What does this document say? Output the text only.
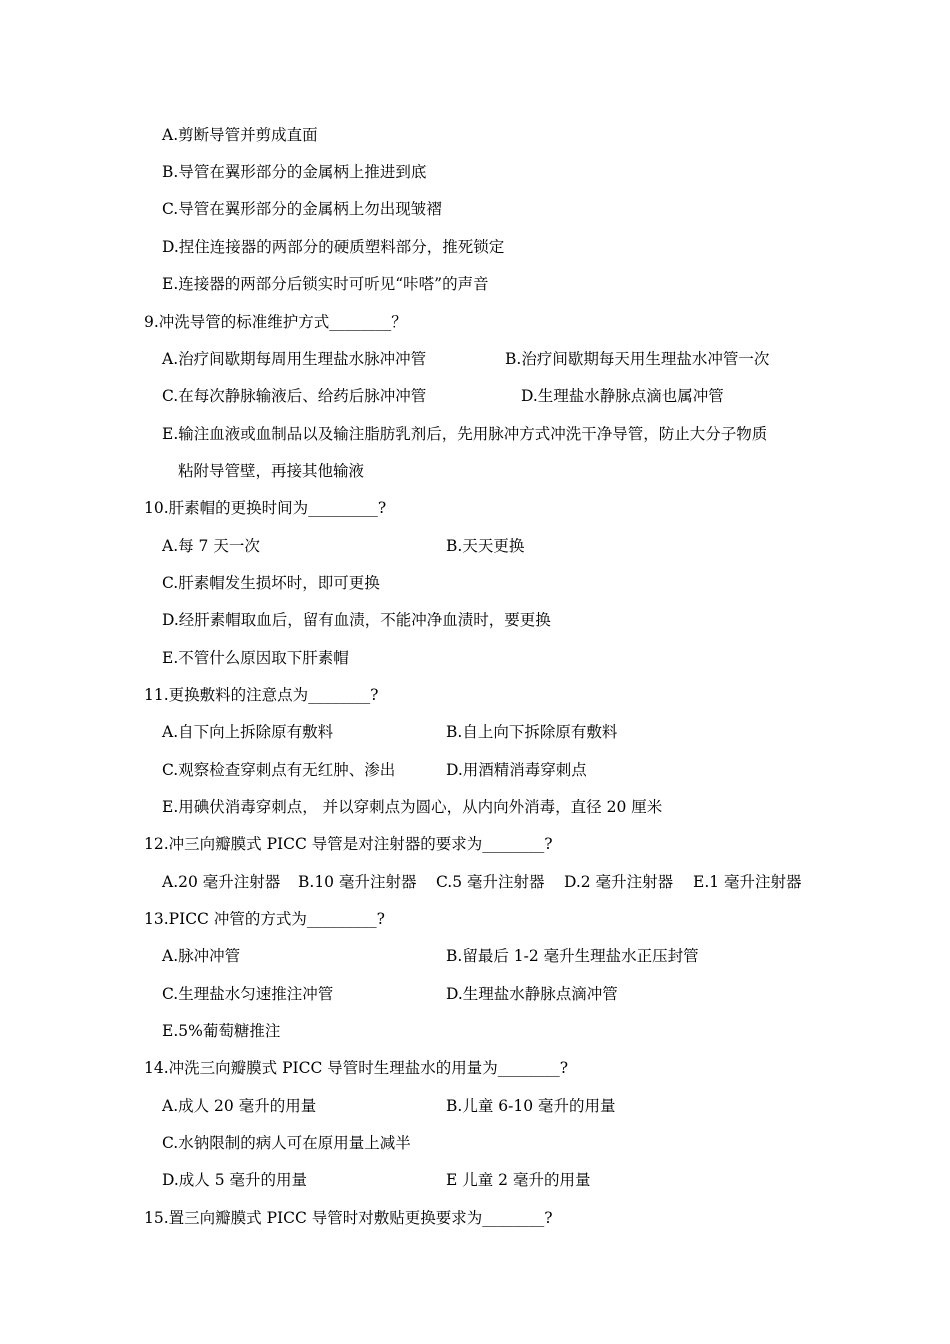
A.剪断导管并剪成直面
B.导管在翼形部分的金属柄上推进到底
C.导管在翼形部分的金属柄上勿出现皱褶
D.捏住连接器的两部分的硬质塑料部分，推死锁定
E.连接器的两部分后锁实时可听见“咔嗒”的声音
9.冲洗导管的标准维护方式________？
A.治疗间歇期每周用生理盐水脉冲冲管	B.治疗间歇期每天用生理盐水冲管一次
C.在每次静脉输液后、给药后脉冲冲管	D.生理盐水静脉点滴也属冲管
E.输注血液或血制品以及输注脂肪乳剂后，先用脉冲方式冲洗干净导管，防止大分子物质
粘附导管壁，再接其他输液
10.肝素帽的更换时间为_________?
A.每 7 天一次	B.天天更换
C.肝素帽发生损坏时，即可更换
D.经肝素帽取血后，留有血渍，不能冲净血渍时，要更换
E.不管什么原因取下肝素帽
11.更换敷料的注意点为________?
A.自下向上拆除原有敷料	B.自上向下拆除原有敷料
C.观察检查穿刺点有无红肿、渗出	D.用酒精消毒穿刺点
E.用碘伏消毒穿刺点， 并以穿刺点为圆心，从内向外消毒，直径 20 厘米
12.冲三向瓣膜式 PICC 导管是对注射器的要求为________?
A.20 毫升注射器 B.10 毫升注射器 C.5 毫升注射器 D.2 毫升注射器 E.1 毫升注射器
13.PICC 冲管的方式为_________?
A.脉冲冲管	B.留最后 1-2 毫升生理盐水正压封管
C.生理盐水匀速推注冲管	D.生理盐水静脉点滴冲管
E.5%葡萄糖推注
14.冲洗三向瓣膜式 PICC 导管时生理盐水的用量为________?
A.成人 20 毫升的用量	B.儿童 6-10 毫升的用量
C.水钠限制的病人可在原用量上减半
D.成人 5 毫升的用量	E 儿童 2 毫升的用量
15.置三向瓣膜式 PICC 导管时对敷贴更换要求为________?
